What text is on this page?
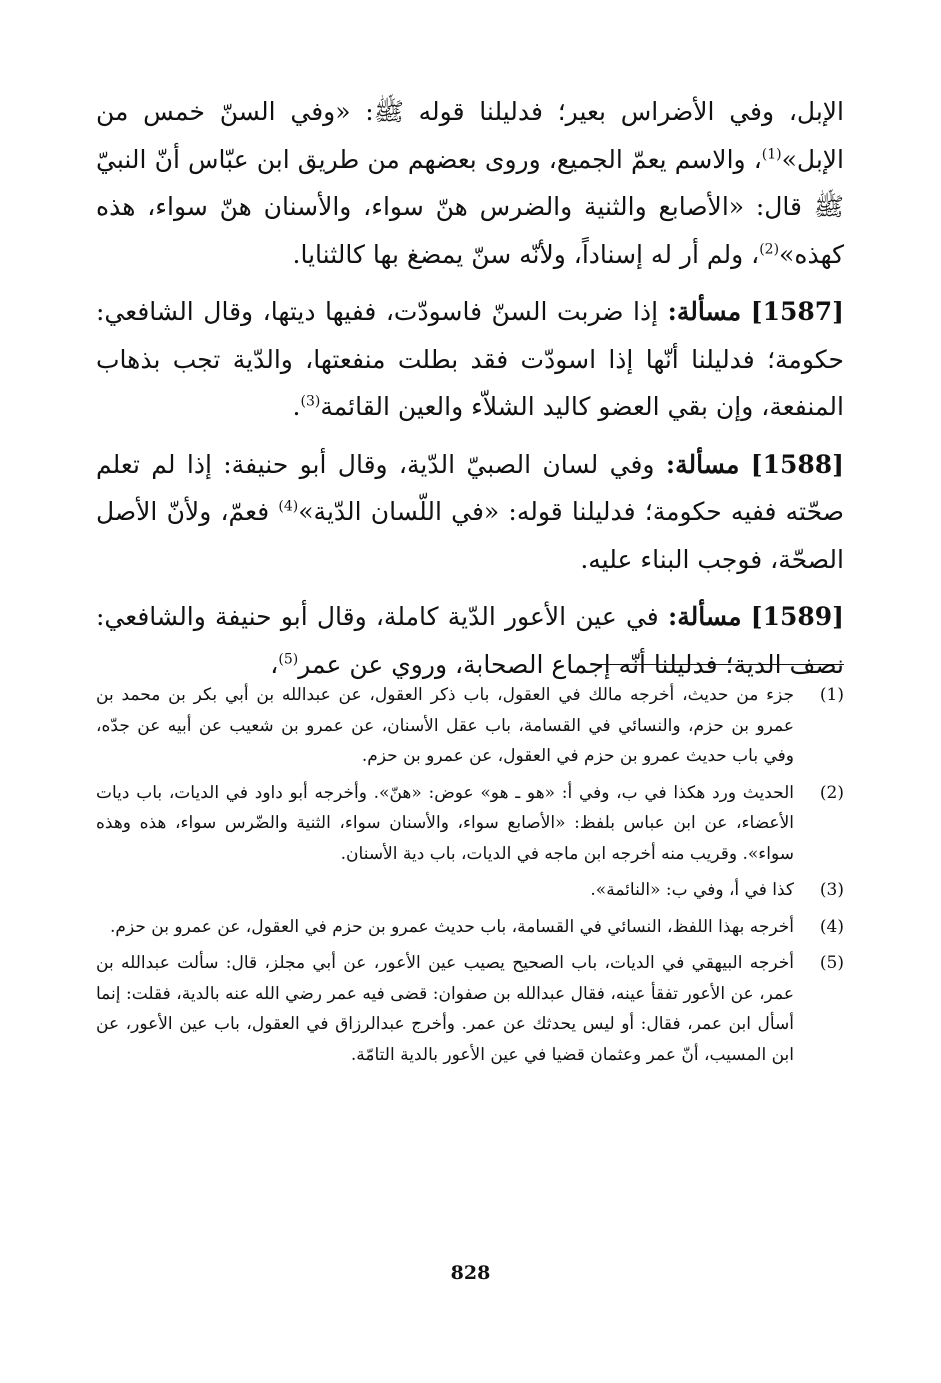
الإبل، وفي الأضراس بعير؛ فدليلنا قوله ﷺ: «وفي السنّ خمس من الإبل»$^{(1)}$، والاسم يعمّ الجميع، وروى بعضهم من طريق ابن عبّاس أنّ النبيّ ﷺ قال: «الأصابع والثنية والضرس هنّ سواء، والأسنان هنّ سواء، هذه كهذه»$^{(2)}$، ولم أر له إسناداً، ولأنّه سنّ يمضغ بها كالثنايا.

[1587] مسألة: إذا ضربت السنّ فاسودّت، ففيها ديتها، وقال الشافعي: حكومة؛ فدليلنا أنّها إذا اسودّت فقد بطلت منفعتها، والدّية تجب بذهاب المنفعة، وإن بقي العضو كاليد الشلاّء والعين القائمة$^{(3)}$.

[1588] مسألة: وفي لسان الصبيّ الدّية، وقال أبو حنيفة: إذا لم تعلم صحّته ففيه حكومة؛ فدليلنا قوله: «في اللّسان الدّية»$^{(4)}$ فعمّ، ولأنّ الأصل الصحّة، فوجب البناء عليه.

[1589] مسألة: في عين الأعور الدّية كاملة، وقال أبو حنيفة والشافعي: نصف الدية؛ فدليلنا أنّه إجماع الصحابة، وروي عن عمر$^{(5)}$،

(1)
جزء من حديث، أخرجه مالك في العقول، باب ذكر العقول، عن عبدالله بن أبي بكر بن محمد بن عمرو بن حزم، والنسائي في القسامة، باب عقل الأسنان، عن عمرو بن شعيب عن أبيه عن جدّه، وفي باب حديث عمرو بن حزم في العقول، عن عمرو بن حزم.
(2)
الحديث ورد هكذا في ب، وفي أ: «هو ـ هو» عوض: «هنّ». وأخرجه أبو داود في الديات، باب ديات الأعضاء، عن ابن عباس بلفظ: «الأصابع سواء، والأسنان سواء، الثنية والضّرس سواء، هذه وهذه سواء». وقريب منه أخرجه ابن ماجه في الديات، باب دية الأسنان.
(3)
كذا في أ، وفي ب: «النائمة».
(4)
أخرجه بهذا اللفظ، النسائي في القسامة، باب حديث عمرو بن حزم في العقول، عن عمرو بن حزم.
(5)
أخرجه البيهقي في الديات، باب الصحيح يصيب عين الأعور، عن أبي مجلز، قال: سألت عبدالله بن عمر، عن الأعور تفقأ عينه، فقال عبدالله بن صفوان: قضى فيه عمر رضي الله عنه بالدية، فقلت: إنما أسأل ابن عمر، فقال: أو ليس يحدثك عن عمر. وأخرج عبدالرزاق في العقول، باب عين الأعور، عن ابن المسيب، أنّ عمر وعثمان قضيا في عين الأعور بالدية التامّة.
828
